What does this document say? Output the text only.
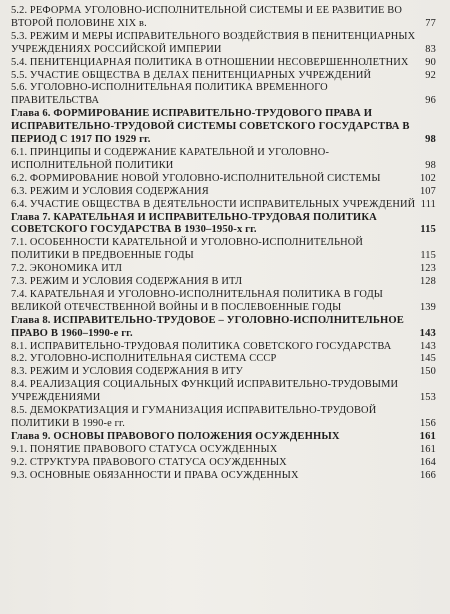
5.2. РЕФОРМА УГОЛОВНО-ИСПОЛНИТЕЛЬНОЙ СИСТЕМЫ И ЕЕ РАЗВИТИЕ ВО ВТОРОЙ ПОЛОВИНЕ XIX в.	77
5.3. РЕЖИМ И МЕРЫ ИСПРАВИТЕЛЬНОГО ВОЗДЕЙСТВИЯ В ПЕНИТЕНЦИАРНЫХ УЧРЕЖДЕНИЯХ РОССИЙСКОЙ ИМПЕРИИ	83
5.4. ПЕНИТЕНЦИАРНАЯ ПОЛИТИКА В ОТНОШЕНИИ НЕСОВЕРШЕННОЛЕТНИХ	90
5.5. УЧАСТИЕ ОБЩЕСТВА В ДЕЛАХ ПЕНИТЕНЦИАРНЫХ УЧРЕЖДЕНИЙ	92
5.6. УГОЛОВНО-ИСПОЛНИТЕЛЬНАЯ ПОЛИТИКА ВРЕМЕННОГО ПРАВИТЕЛЬСТВА	96
Глава 6. ФОРМИРОВАНИЕ ИСПРАВИТЕЛЬНО-ТРУДОВОГО ПРАВА И ИСПРАВИТЕЛЬНО-ТРУДОВОЙ СИСТЕМЫ СОВЕТСКОГО ГОСУДАРСТВА В ПЕРИОД С 1917 ПО 1929 гг.	98
6.1. ПРИНЦИПЫ И СОДЕРЖАНИЕ КАРАТЕЛЬНОЙ И УГОЛОВНО-ИСПОЛНИТЕЛЬНОЙ ПОЛИТИКИ	98
6.2. ФОРМИРОВАНИЕ НОВОЙ УГОЛОВНО-ИСПОЛНИТЕЛЬНОЙ СИСТЕМЫ	102
6.3. РЕЖИМ И УСЛОВИЯ СОДЕРЖАНИЯ	107
6.4. УЧАСТИЕ ОБЩЕСТВА В ДЕЯТЕЛЬНОСТИ ИСПРАВИТЕЛЬНЫХ УЧРЕЖДЕНИЙ 111
Глава 7. КАРАТЕЛЬНАЯ И ИСПРАВИТЕЛЬНО-ТРУДОВАЯ ПОЛИТИКА СОВЕТСКОГО ГОСУДАРСТВА В 1930–1950-х гг.	115
7.1. ОСОБЕННОСТИ КАРАТЕЛЬНОЙ И УГОЛОВНО-ИСПОЛНИТЕЛЬНОЙ ПОЛИТИКИ В ПРЕДВОЕННЫЕ ГОДЫ	115
7.2. ЭКОНОМИКА ИТЛ	123
7.3. РЕЖИМ И УСЛОВИЯ СОДЕРЖАНИЯ В ИТЛ	128
7.4. КАРАТЕЛЬНАЯ И УГОЛОВНО-ИСПОЛНИТЕЛЬНАЯ ПОЛИТИКА В ГОДЫ ВЕЛИКОЙ ОТЕЧЕСТВЕННОЙ ВОЙНЫ И В ПОСЛЕВОЕННЫЕ ГОДЫ	139
Глава 8. ИСПРАВИТЕЛЬНО-ТРУДОВОЕ – УГОЛОВНО-ИСПОЛНИТЕЛЬНОЕ ПРАВО В 1960–1990-е гг.	143
8.1. ИСПРАВИТЕЛЬНО-ТРУДОВАЯ ПОЛИТИКА СОВЕТСКОГО ГОСУДАРСТВА	143
8.2. УГОЛОВНО-ИСПОЛНИТЕЛЬНАЯ СИСТЕМА СССР	145
8.3. РЕЖИМ И УСЛОВИЯ СОДЕРЖАНИЯ В ИТУ	150
8.4. РЕАЛИЗАЦИЯ СОЦИАЛЬНЫХ ФУНКЦИЙ ИСПРАВИТЕЛЬНО-ТРУДОВЫМИ УЧРЕЖДЕНИЯМИ	153
8.5. ДЕМОКРАТИЗАЦИЯ И ГУМАНИЗАЦИЯ ИСПРАВИТЕЛЬНО-ТРУДОВОЙ ПОЛИТИКИ В 1990-е гг.	156
Глава 9. ОСНОВЫ ПРАВОВОГО ПОЛОЖЕНИЯ ОСУЖДЕННЫХ	161
9.1. ПОНЯТИЕ ПРАВОВОГО СТАТУСА ОСУЖДЕННЫХ	161
9.2. СТРУКТУРА ПРАВОВОГО СТАТУСА ОСУЖДЕННЫХ	164
9.3. ОСНОВНЫЕ ОБЯЗАННОСТИ И ПРАВА ОСУЖДЕННЫХ	166
